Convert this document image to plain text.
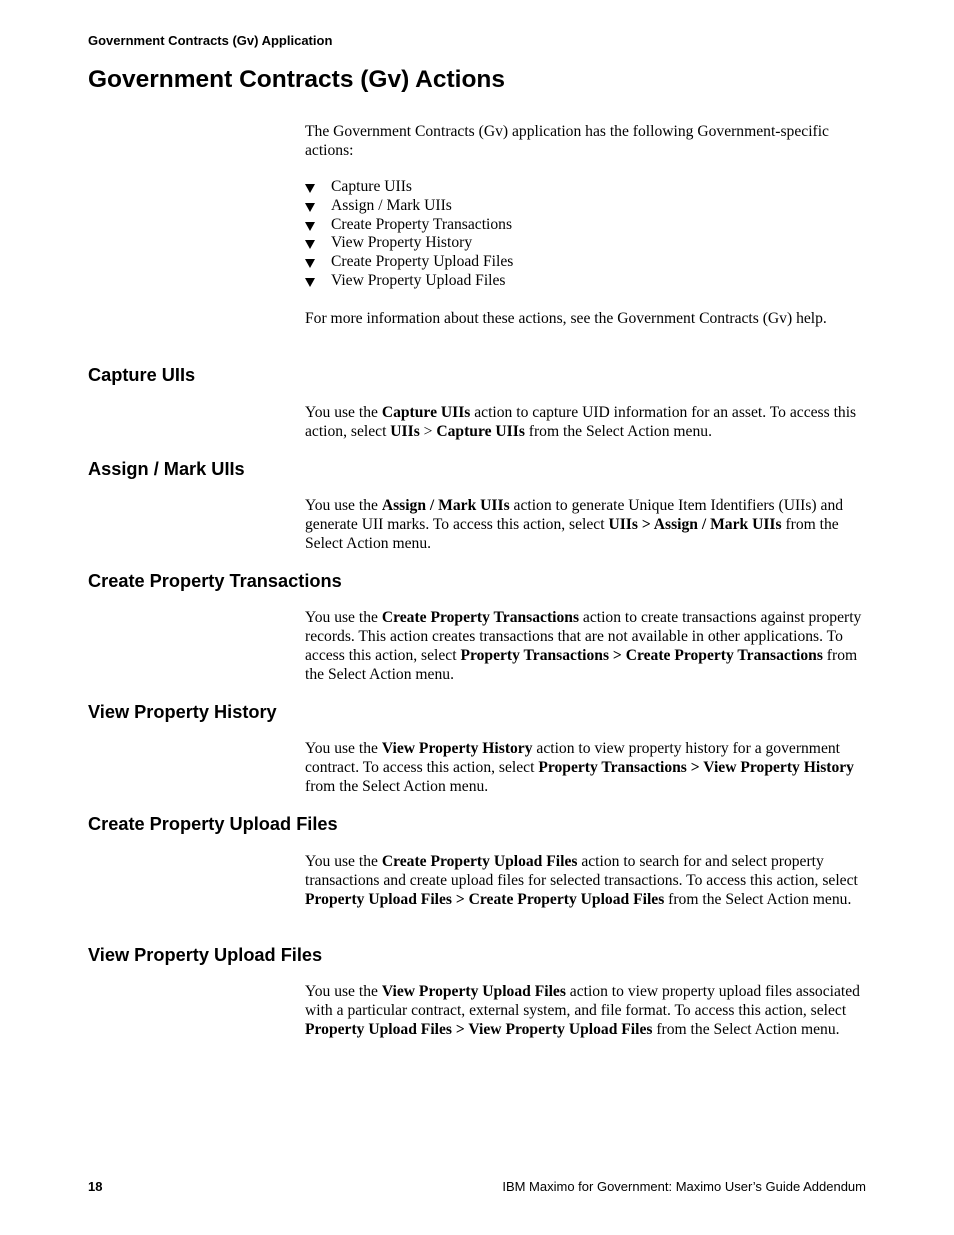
Government Contracts (Gv) Application
Government Contracts (Gv) Actions

The Government Contracts (Gv) application has the following Government-specific actions:

Capture UIIs
Assign / Mark UIIs
Create Property Transactions
View Property History
Create Property Upload Files
View Property Upload Files

For more information about these actions, see the Government Contracts (Gv) help.

Capture UIIs

You use the Capture UIIs action to capture UID information for an asset. To access this action, select UIIs > Capture UIIs from the Select Action menu.

Assign / Mark UIIs

You use the Assign / Mark UIIs action to generate Unique Item Identifiers (UIIs) and generate UII marks. To access this action, select UIIs > Assign / Mark UIIs from the Select Action menu.

Create Property Transactions

You use the Create Property Transactions action to create transactions against property records. This action creates transactions that are not available in other applications. To access this action, select Property Transactions > Create Property Transactions from the Select Action menu.

View Property History

You use the View Property History action to view property history for a government contract. To access this action, select Property Transactions > View Property History from the Select Action menu.

Create Property Upload Files

You use the Create Property Upload Files action to search for and select property transactions and create upload files for selected transactions. To access this action, select Property Upload Files > Create Property Upload Files from the Select Action menu.

View Property Upload Files

You use the View Property Upload Files action to view property upload files associated with a particular contract, external system, and file format. To access this action, select Property Upload Files > View Property Upload Files from the Select Action menu.

18	IBM Maximo for Government: Maximo User’s Guide Addendum
